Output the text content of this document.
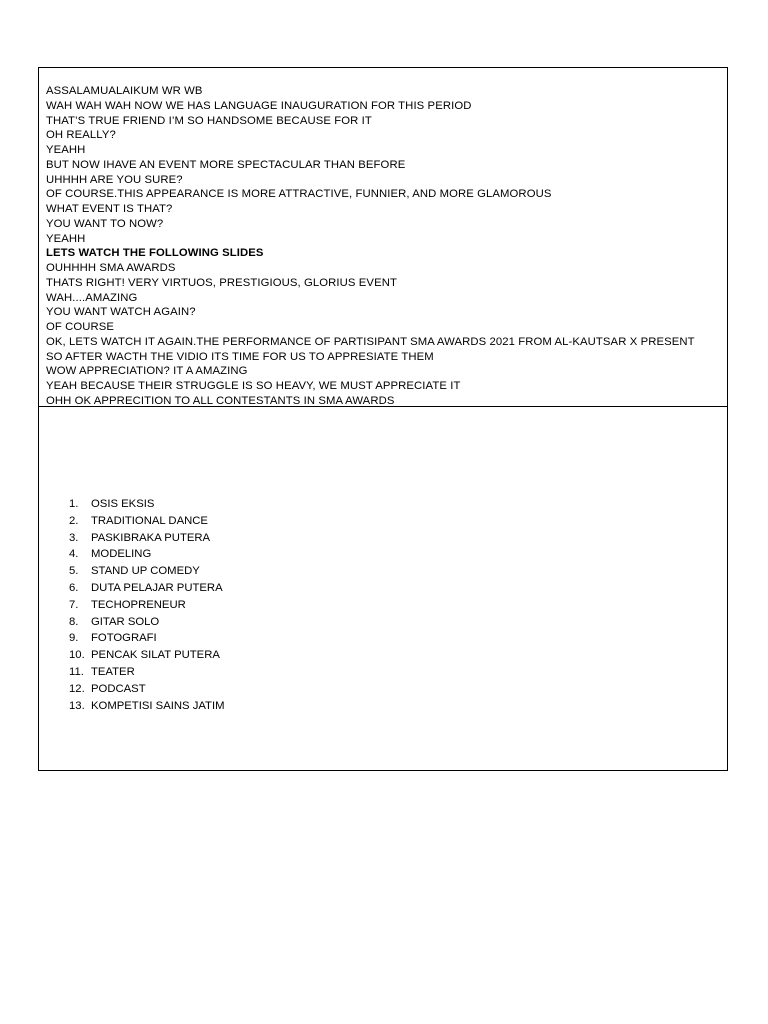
ASSALAMUALAIKUM WR WB
WAH WAH WAH NOW WE HAS LANGUAGE INAUGURATION FOR THIS PERIOD
THAT’S TRUE FRIEND I’M SO HANDSOME BECAUSE FOR IT
OH REALLY?
YEAHH
BUT NOW IHAVE AN EVENT MORE SPECTACULAR THAN BEFORE
UHHHH ARE YOU SURE?
OF COURSE.THIS APPEARANCE IS MORE ATTRACTIVE, FUNNIER, AND MORE GLAMOROUS
WHAT EVENT IS THAT?
YOU WANT TO NOW?
YEAHH
LETS WATCH THE FOLLOWING SLIDES
OUHHHH SMA AWARDS
THATS RIGHT! VERY VIRTUOS, PRESTIGIOUS, GLORIUS EVENT
WAH....AMAZING
YOU WANT WATCH AGAIN?
OF COURSE
OK, LETS WATCH IT AGAIN.THE PERFORMANCE OF PARTISIPANT SMA AWARDS 2021 FROM AL-KAUTSAR X PRESENT
SO AFTER WACTH THE VIDIO ITS TIME FOR US TO APPRESIATE THEM
WOW APPRECIATION? IT A AMAZING
YEAH BECAUSE THEIR STRUGGLE IS SO HEAVY, WE MUST APPRECIATE IT
OHH OK APPRECITION TO ALL CONTESTANTS IN SMA AWARDS
1. OSIS EKSIS
2. TRADITIONAL DANCE
3. PASKIBRAKA PUTERA
4. MODELING
5. STAND UP COMEDY
6. DUTA PELAJAR PUTERA
7. TECHOPRENEUR
8. GITAR SOLO
9. FOTOGRAFI
10. PENCAK SILAT PUTERA
11. TEATER
12. PODCAST
13. KOMPETISI SAINS JATIM
